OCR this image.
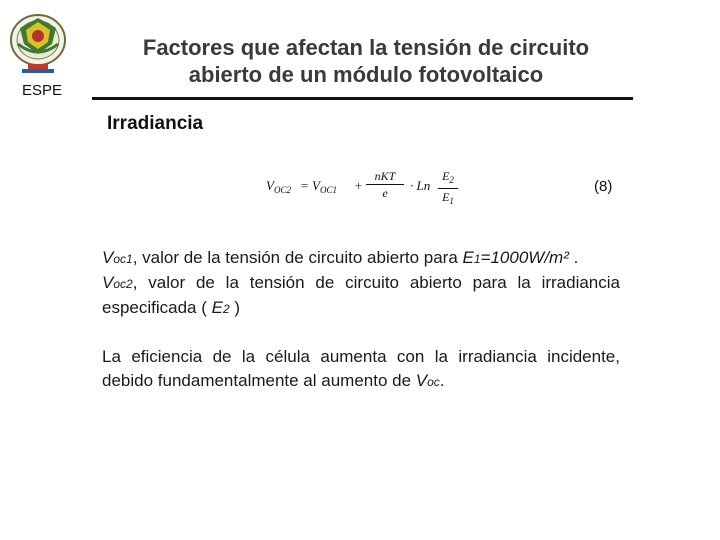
ESPE
Factores que afectan la tensión de circuito
abierto de un módulo fotovoltaico
Irradiancia
$V_{OC2} = V_{OC1}$ +
nKT
e	· Ln
$E_2$
$E_1$
(8)

Voc1, valor de la tensión de circuito abierto para E1=1000W/m² .

Voc2, valor de la tensión de circuito abierto para la irradiancia especificada ( E2 )

La eficiencia de la célula aumenta con la irradiancia incidente, debido fundamentalmente al aumento de Voc.
